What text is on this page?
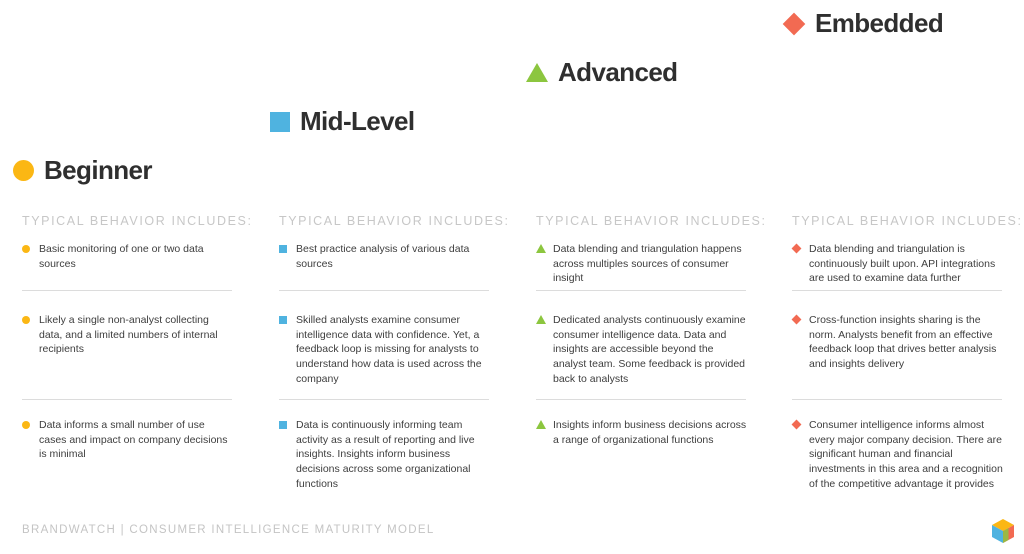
Beginner
Mid-Level
Advanced
Embedded
TYPICAL BEHAVIOR INCLUDES:
Basic monitoring of one or two data sources
Likely a single non-analyst collecting data, and a limited numbers of internal recipients
Data informs a small number of use cases and impact on company decisions is minimal
TYPICAL BEHAVIOR INCLUDES:
Best practice analysis of various data sources
Skilled analysts examine consumer intelligence data with confidence. Yet, a feedback loop is missing for analysts to understand how data is used across the company
Data is continuously informing team activity as a result of reporting and live insights. Insights inform business decisions across some organizational functions
TYPICAL BEHAVIOR INCLUDES:
Data blending and triangulation happens across multiples sources of consumer insight
Dedicated analysts continuously examine consumer intelligence data. Data and insights are accessible beyond the analyst team. Some feedback is provided back to analysts
Insights inform business decisions across a range of organizational functions
TYPICAL BEHAVIOR INCLUDES:
Data blending and triangulation is continuously built upon. API integrations are used to examine data further
Cross-function insights sharing is the norm. Analysts benefit from an effective feedback loop that drives better analysis and insights delivery
Consumer intelligence informs almost every major company decision. There are significant human and financial investments in this area and a recognition of the competitive advantage it provides
BRANDWATCH | CONSUMER INTELLIGENCE MATURITY MODEL
